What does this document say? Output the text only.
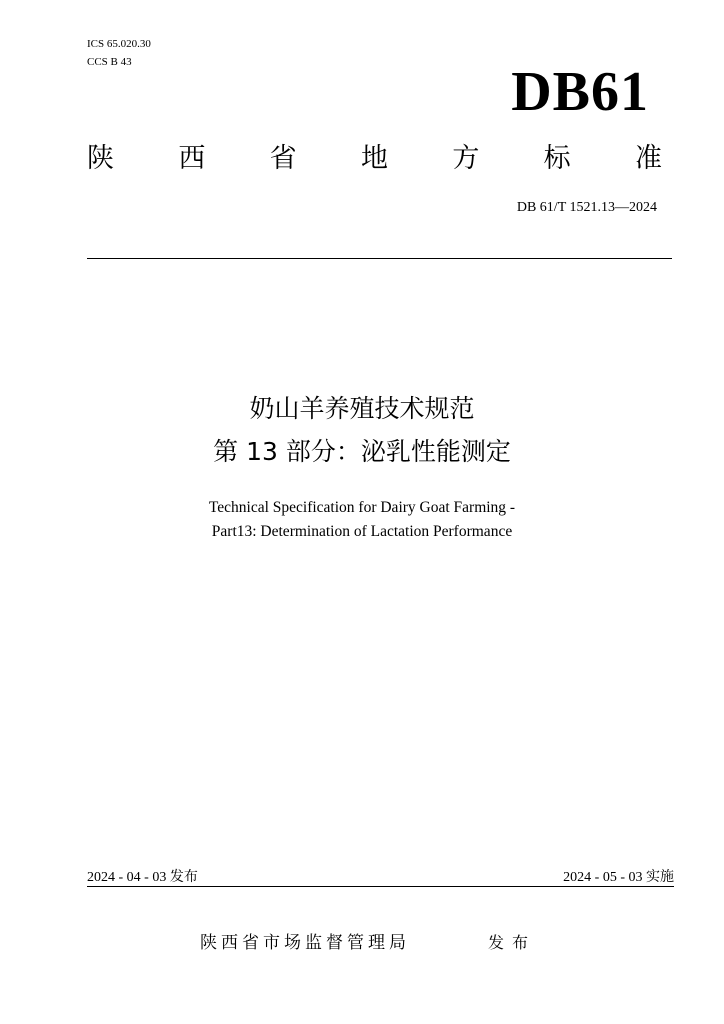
ICS 65.020.30
CCS B 43	DB61
陕 西 省 地 方 标 准
DB 61/T 1521.13—2024
奶山羊养殖技术规范
第 13 部分：泌乳性能测定
Technical Specification for Dairy Goat Farming -
Part13: Determination of Lactation Performance
2024 - 04 - 03 发布	2024 - 05 - 03 实施
陕西省市场监督管理局	发布
